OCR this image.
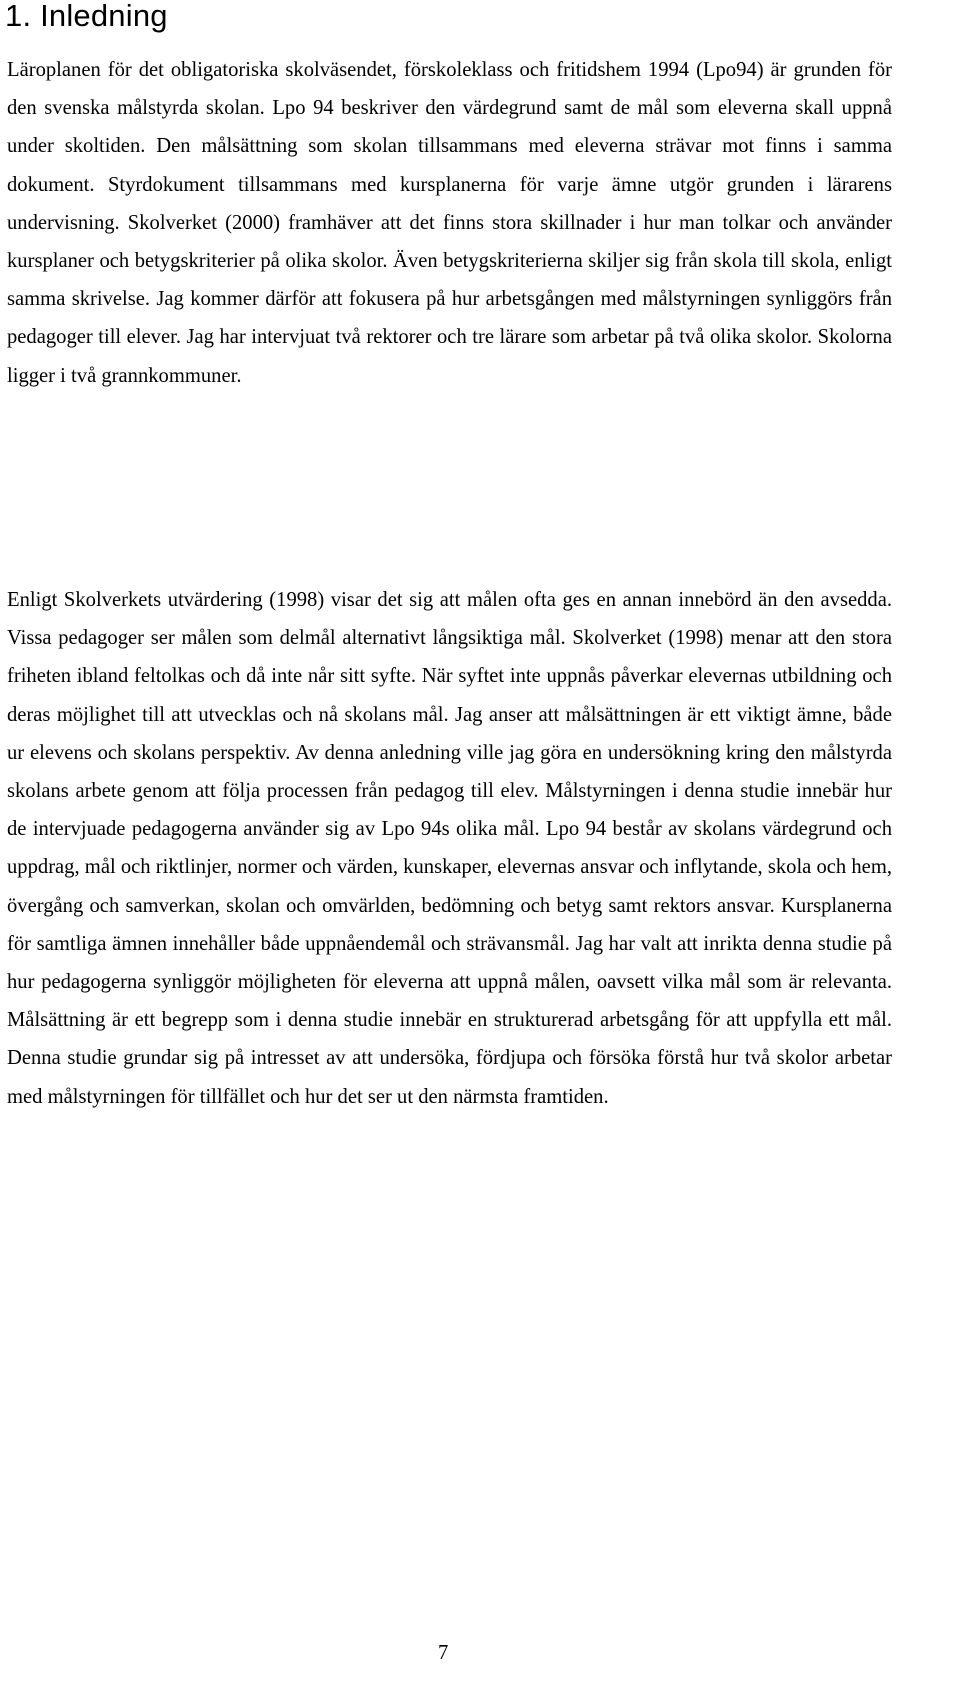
1. Inledning

Läroplanen för det obligatoriska skolväsendet, förskoleklass och fritidshem 1994 (Lpo94) är grunden för den svenska målstyrda skolan. Lpo 94 beskriver den värdegrund samt de mål som eleverna skall uppnå under skoltiden. Den målsättning som skolan tillsammans med eleverna strävar mot finns i samma dokument. Styrdokument tillsammans med kursplanerna för varje ämne utgör grunden i lärarens undervisning. Skolverket (2000) framhäver att det finns stora skillnader i hur man tolkar och använder kursplaner och betygskriterier på olika skolor. Även betygskriterierna skiljer sig från skola till skola, enligt samma skrivelse. Jag kommer därför att fokusera på hur arbetsgången med målstyrningen synliggörs från pedagoger till elever. Jag har intervjuat två rektorer och tre lärare som arbetar på två olika skolor. Skolorna ligger i två grannkommuner.

Enligt Skolverkets utvärdering (1998) visar det sig att målen ofta ges en annan innebörd än den avsedda. Vissa pedagoger ser målen som delmål alternativt långsiktiga mål. Skolverket (1998) menar att den stora friheten ibland feltolkas och då inte når sitt syfte. När syftet inte uppnås påverkar elevernas utbildning och deras möjlighet till att utvecklas och nå skolans mål. Jag anser att målsättningen är ett viktigt ämne, både ur elevens och skolans perspektiv. Av denna anledning ville jag göra en undersökning kring den målstyrda skolans arbete genom att följa processen från pedagog till elev. Målstyrningen i denna studie innebär hur de intervjuade pedagogerna använder sig av Lpo 94s olika mål. Lpo 94 består av skolans värdegrund och uppdrag, mål och riktlinjer, normer och värden, kunskaper, elevernas ansvar och inflytande, skola och hem, övergång och samverkan, skolan och omvärlden, bedömning och betyg samt rektors ansvar. Kursplanerna för samtliga ämnen innehåller både uppnåendemål och strävansmål. Jag har valt att inrikta denna studie på hur pedagogerna synliggör möjligheten för eleverna att uppnå målen, oavsett vilka mål som är relevanta. Målsättning är ett begrepp som i denna studie innebär en strukturerad arbetsgång för att uppfylla ett mål. Denna studie grundar sig på intresset av att undersöka, fördjupa och försöka förstå hur två skolor arbetar med målstyrningen för tillfället och hur det ser ut den närmsta framtiden.

7
